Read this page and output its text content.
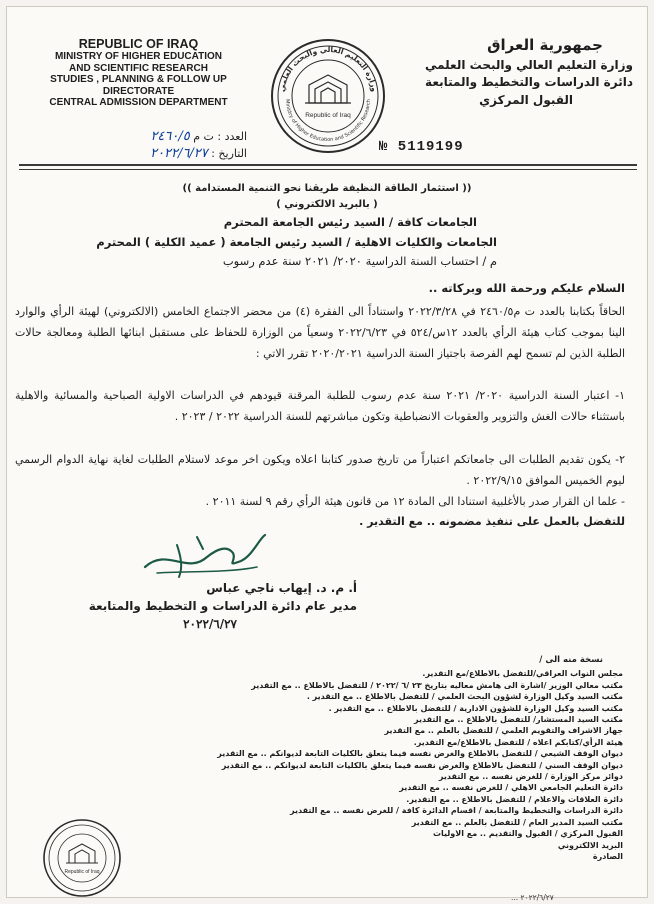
REPUBLIC OF IRAQ
MINISTRY OF HIGHER EDUCATION
AND SCIENTIFIC RESEARCH
STUDIES , PLANNING & FOLLOW UP DIRECTORATE
CENTRAL ADMISSION DEPARTMENT
العدد : ت م ٢٤٦٠/٥
التاريخ : ٢٠٢٢/٦/٢٧
وزارة التعليم العالي والبحث العلمي
Ministry of Higher Education and Scientific Research
Republic of Iraq
№ 5119199
جمهورية العراق
وزارة التعليم العالي والبحث العلمي
دائرة الدراسات والتخطيط والمتابعة
القبول المركزي
(( استثمار الطاقة النظيفة طريقنا نحو التنمية المستدامة ))
( بالبريد الالكتروني )
الجامعات كافة / السيد رئيس الجامعة المحترم
الجامعات والكليات الاهلية / السيد رئيس الجامعة ( عميد الكلية ) المحترم
م / احتساب السنة الدراسية ٢٠٢٠/ ٢٠٢١ سنة عدم رسوب
السلام عليكم ورحمة الله وبركاته ..
الحاقاً بكتابنا بالعدد ت م٢٤٦٠/٥ في ٢٠٢٢/٣/٢٨ واستناداً الى الفقرة (٤) من محضر الاجتماع الخامس (الالكتروني) لهيئة الرأي والوارد الينا بموجب كتاب هيئة الرأي بالعدد ١٢س/٥٢٤ في ٢٠٢٢/٦/٢٣ وسعياً من الوزارة للحفاظ على مستقبل ابنائها الطلبة ومعالجة حالات الطلبة الذين لم تسمح لهم الفرصة باجتياز السنة الدراسية ٢٠٢٠/٢٠٢١ تقرر الاتي :
١- اعتبار السنة الدراسية ٢٠٢٠/ ٢٠٢١ سنة عدم رسوب للطلبة المرقنة قيودهم في الدراسات الاولية الصباحية والمسائية والاهلية باستثناء حالات الغش والتزوير والعقوبات الانضباطية وتكون مباشرتهم للسنة الدراسية ٢٠٢٢ / ٢٠٢٣ .
٢- يكون تقديم الطلبات الى جامعاتكم اعتباراً من تاريخ صدور كتابنا اعلاه ويكون اخر موعد لاستلام الطلبات لغاية نهاية الدوام الرسمي ليوم الخميس الموافق ٢٠٢٢/٩/١٥ .
- علما ان القرار صدر بالأغلبية استنادا الى المادة ١٢ من قانون هيئة الرأي رقم ٩ لسنة ٢٠١١ .
للتفضل بالعمل على تنفيذ مضمونه .. مع التقدير .
أ. م. د. إيهاب ناجي عباس
مدير عام دائرة الدراسات و التخطيط والمتابعة
٢٠٢٢/٦/٢٧
نسخة منه الى /
مجلس النواب العراقي/للتفضل بالاطلاع/مع التقدير.
مكتب معالي الوزير /اشارة الى هامش معاليه بتاريخ ٢٣ /٦ /٢٠٢٢ / للتفضل بالاطلاع .. مع التقدير
مكتب السيد وكيل الوزارة لشؤون البحث العلمي / للتفضل بالاطلاع .. مع التقدير .
مكتب السيد وكيل الوزارة للشؤون الادارية / للتفضل بالاطلاع .. مع التقدير .
مكتب السيد المستشار/ للتفضل بالاطلاع .. مع التقدير
جهاز الاشراف والتقويم العلمي / للتفضل بالعلم .. مع التقدير
هيئة الرأي/كتابكم اعلاه / للتفضل بالاطلاع/مع التقدير.
ديوان الوقف الشيعي / للتفضل بالاطلاع والغرض نفسه فيما يتعلق بالكليات التابعة لديوانكم .. مع التقدير
ديوان الوقف السني / للتفضل بالاطلاع والغرض نفسه فيما يتعلق بالكليات التابعة لديوانكم .. مع التقدير
دوائر مركز الوزارة / للغرض نفسه .. مع التقدير
دائرة التعليم الجامعي الاهلي / للغرض نفسه .. مع التقدير
دائرة العلاقات والاعلام / للتفضل بالاطلاع .. مع التقدير.
دائرة الدراسات والتخطيط والمتابعة / اقسام الدائرة كافة / للغرض نفسه .. مع التقدير
مكتب السيد المدير العام / للتفضل بالعلم .. مع التقدير
القبول المركزي / القبول والتقديم .. مع الاوليات
البريد الالكتروني
الصادرة
Republic of Iraq
٢٠٢٢/٦/٢٧ ...
